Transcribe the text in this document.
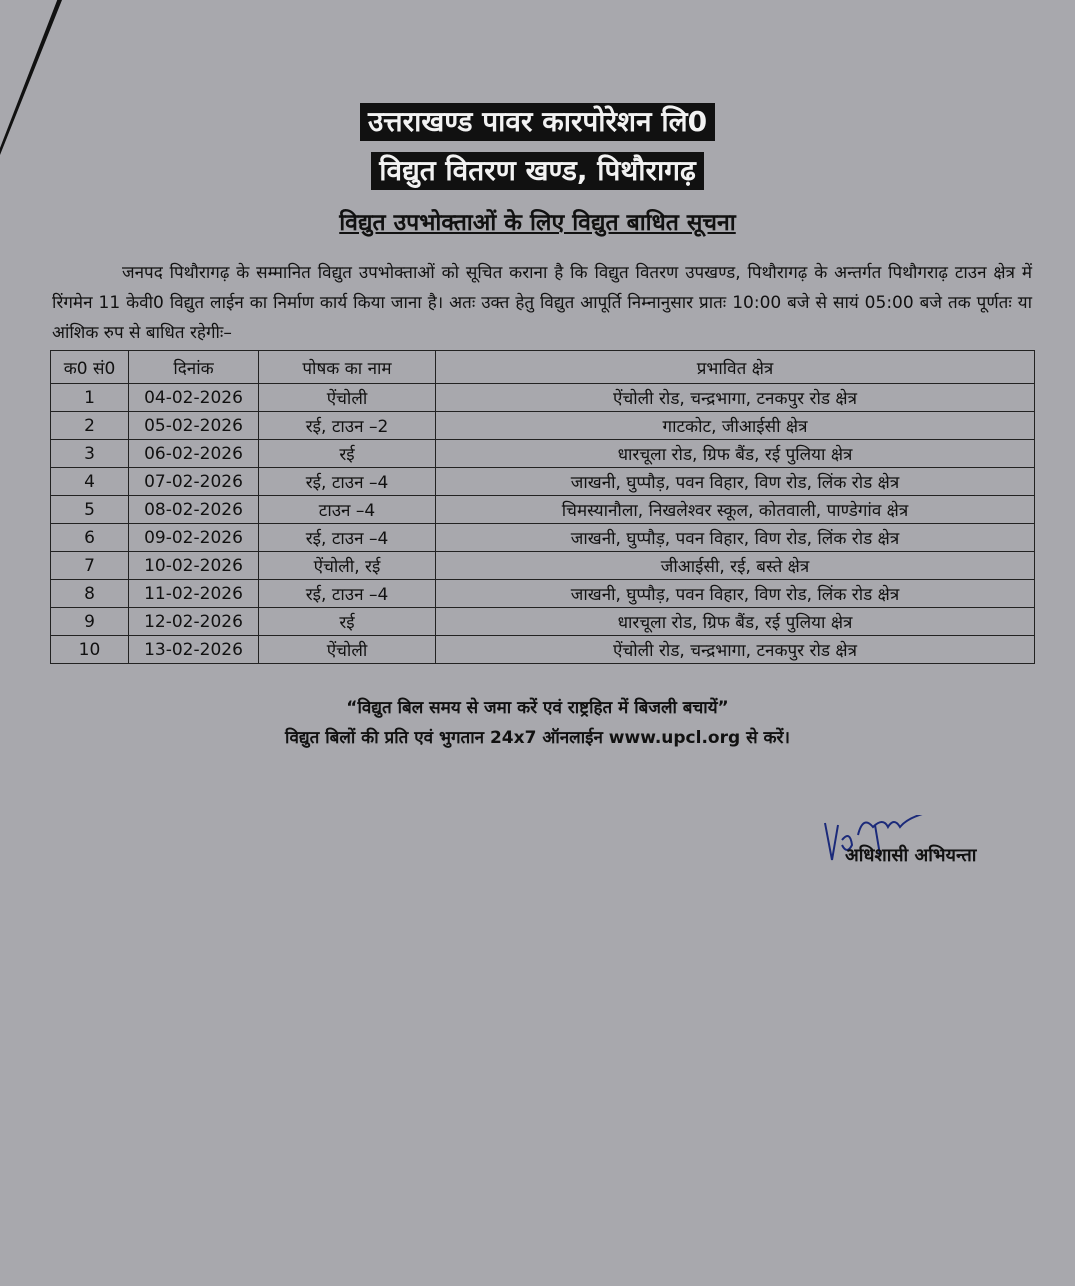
उत्तराखण्ड पावर कारपोरेशन लि0
विद्युत वितरण खण्ड, पिथौरागढ़
विद्युत उपभोक्ताओं के लिए विद्युत बाधित सूचना
जनपद पिथौरागढ़ के सम्मानित विद्युत उपभोक्ताओं को सूचित कराना है कि विद्युत वितरण उपखण्ड, पिथौरागढ़ के अन्तर्गत पिथौगराढ़ टाउन क्षेत्र में रिंगमेन 11 केवी0 विद्युत लाईन का निर्माण कार्य किया जाना है। अतः उक्त हेतु विद्युत आपूर्ति निम्नानुसार प्रातः 10:00 बजे से सायं 05:00 बजे तक पूर्णतः या आंशिक रुप से बाधित रहेगीः–
क0 सं0	दिनांक	पोषक का नाम	प्रभावित क्षेत्र
1	04-02-2026	ऐंचोली	ऐंचोली रोड, चन्द्रभागा, टनकपुर रोड क्षेत्र
2	05-02-2026	रई, टाउन –2	गाटकोट, जीआईसी क्षेत्र
3	06-02-2026	रई	धारचूला रोड, ग्रिफ बैंड, रई पुलिया क्षेत्र
4	07-02-2026	रई, टाउन –4	जाखनी, घुप्पौड़, पवन विहार, विण रोड, लिंक रोड क्षेत्र
5	08-02-2026	टाउन –4	चिमस्यानौला, निखलेश्वर स्कूल, कोतवाली, पाण्डेगांव क्षेत्र
6	09-02-2026	रई, टाउन –4	जाखनी, घुप्पौड़, पवन विहार, विण रोड, लिंक रोड क्षेत्र
7	10-02-2026	ऐंचोली, रई	जीआईसी, रई, बस्ते क्षेत्र
8	11-02-2026	रई, टाउन –4	जाखनी, घुप्पौड़, पवन विहार, विण रोड, लिंक रोड क्षेत्र
9	12-02-2026	रई	धारचूला रोड, ग्रिफ बैंड, रई पुलिया क्षेत्र
10	13-02-2026	ऐंचोली	ऐंचोली रोड, चन्द्रभागा, टनकपुर रोड क्षेत्र
“विद्युत बिल समय से जमा करें एवं राष्ट्रहित में बिजली बचायें”
विद्युत बिलों की प्रति एवं भुगतान 24x7 ऑनलाईन www.upcl.org से करें।
अधिशासी अभियन्ता
